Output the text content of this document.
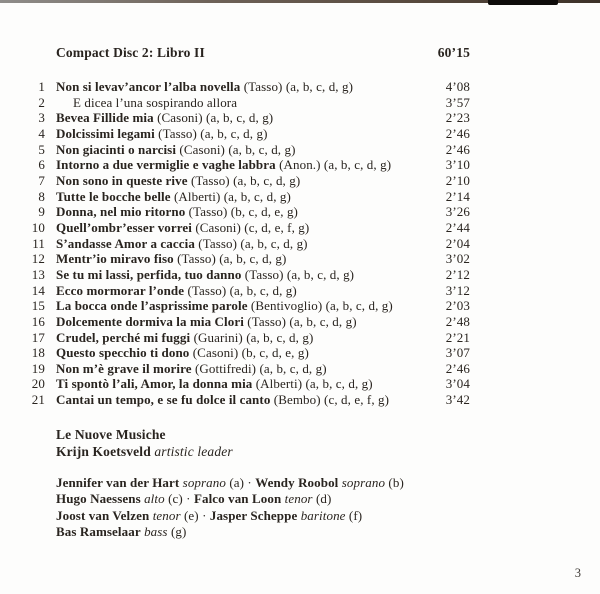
Compact Disc 2: Libro II	60’15
1 Non si levav’ancor l’alba novella (Tasso) (a, b, c, d, g)	4’08
2	E dicea l’una sospirando allora	3’57
3 Bevea Fillide mia (Casoni) (a, b, c, d, g)	2’23
4 Dolcissimi legami (Tasso) (a, b, c, d, g)	2’46
5 Non giacinti o narcisi (Casoni) (a, b, c, d, g)	2’46
6 Intorno a due vermiglie e vaghe labbra (Anon.) (a, b, c, d, g)	3’10
7 Non sono in queste rive (Tasso) (a, b, c, d, g)	2’10
8 Tutte le bocche belle (Alberti) (a, b, c, d, g)	2’14
9 Donna, nel mio ritorno (Tasso) (b, c, d, e, g)	3’26
10 Quell’ombr’esser vorrei (Casoni) (c, d, e, f, g)	2’44
11 S’andasse Amor a caccia (Tasso) (a, b, c, d, g)	2’04
12 Mentr’io miravo fiso (Tasso) (a, b, c, d, g)	3’02
13 Se tu mi lassi, perfida, tuo danno (Tasso) (a, b, c, d, g)	2’12
14 Ecco mormorar l’onde (Tasso) (a, b, c, d, g)	3’12
15 La bocca onde l’asprissime parole (Bentivoglio) (a, b, c, d, g)	2’03
16 Dolcemente dormiva la mia Clori (Tasso) (a, b, c, d, g)	2’48
17 Crudel, perché mi fuggi (Guarini) (a, b, c, d, g)	2’21
18 Questo specchio ti dono (Casoni) (b, c, d, e, g)	3’07
19 Non m’è grave il morire (Gottifredi) (a, b, c, d, g)	2’46
20 Ti spontò l’ali, Amor, la donna mia (Alberti) (a, b, c, d, g)	3’04
21 Cantai un tempo, e se fu dolce il canto (Bembo) (c, d, e, f, g)	3’42
Le Nuove Musiche
Krijn Koetsveld artistic leader
Jennifer van der Hart soprano (a) · Wendy Roobol soprano (b)
Hugo Naessens alto (c) · Falco van Loon tenor (d)
Joost van Velzen tenor (e) · Jasper Scheppe baritone (f)
Bas Ramselaar bass (g)
3
